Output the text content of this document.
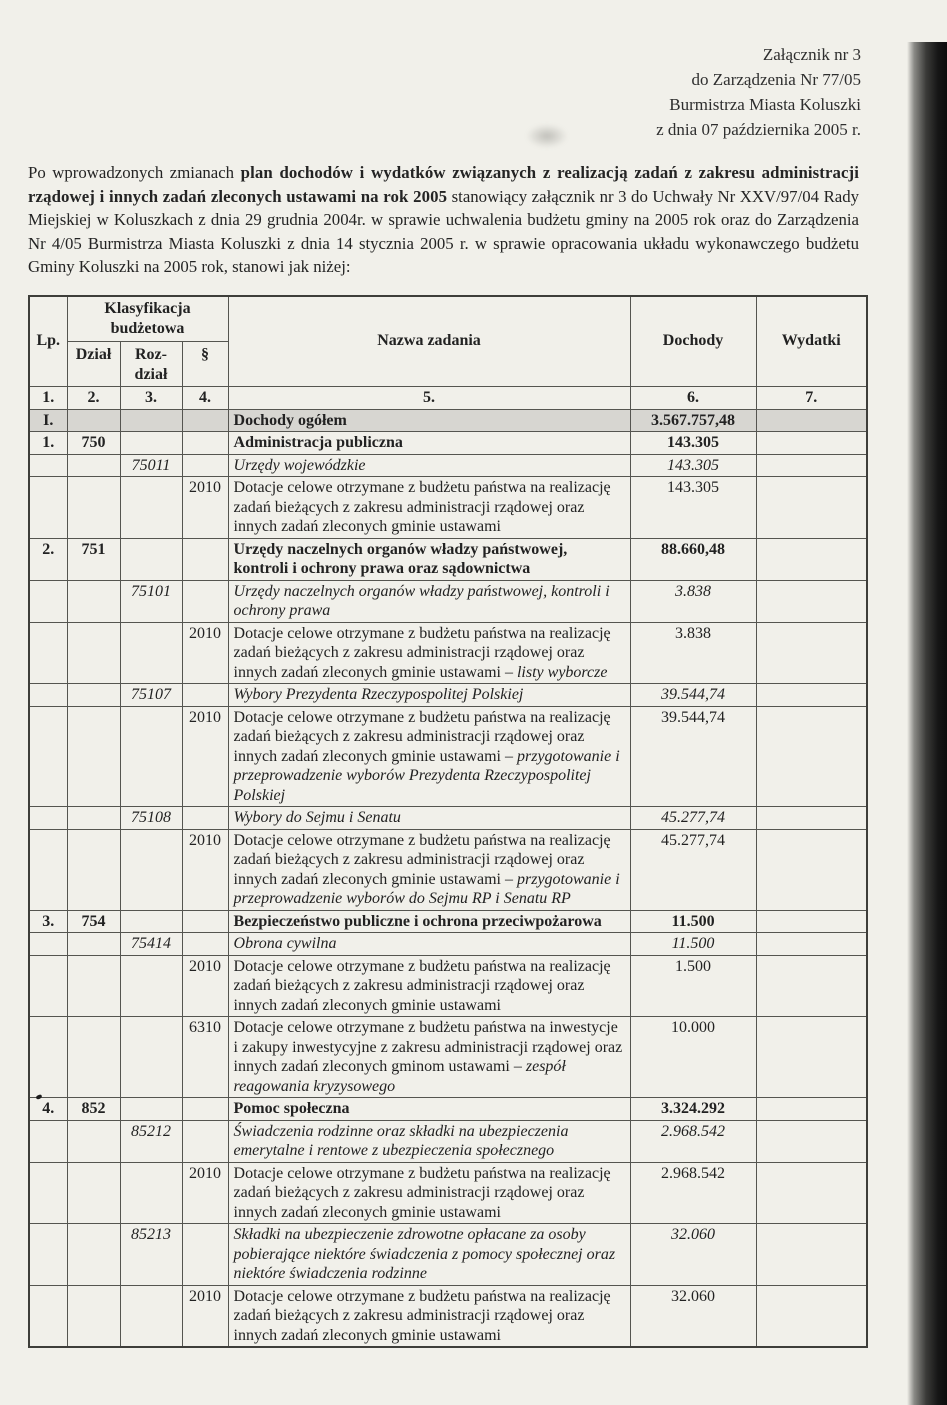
Załącznik nr 3
do Zarządzenia Nr 77/05
Burmistrza Miasta Koluszki
z dnia 07 października 2005 r.

Po wprowadzonych zmianach plan dochodów i wydatków związanych z realizacją zadań z zakresu administracji rządowej i innych zadań zleconych ustawami na rok 2005 stanowiący załącznik nr 3 do Uchwały Nr XXV/97/04 Rady Miejskiej w Koluszkach z dnia 29 grudnia 2004r. w sprawie uchwalenia budżetu gminy na 2005 rok oraz do Zarządzenia Nr 4/05 Burmistrza Miasta Koluszki z dnia 14 stycznia 2005 r. w sprawie opracowania układu wykonawczego budżetu Gminy Koluszki na 2005 rok, stanowi jak niżej:

Lp.	Klasyfikacja budżetowa			Nazwa zadania	Dochody	Wydatki
	Dział	Roz-dział	§			
1.	2.	3.	4.	5.	6.	7.
I.				Dochody ogółem	3.567.757,48	
1.	750			Administracja publiczna	143.305	
		75011		Urzędy wojewódzkie	143.305	
			2010	Dotacje celowe otrzymane z budżetu państwa na realizację zadań bieżących z zakresu administracji rządowej oraz innych zadań zleconych gminie ustawami	143.305	
2.	751			Urzędy naczelnych organów władzy państwowej, kontroli i ochrony prawa oraz sądownictwa	88.660,48	
		75101		Urzędy naczelnych organów władzy państwowej, kontroli i ochrony prawa	3.838	
			2010	Dotacje celowe otrzymane z budżetu państwa na realizację zadań bieżących z zakresu administracji rządowej oraz innych zadań zleconych gminie ustawami – listy wyborcze	3.838	
		75107		Wybory Prezydenta Rzeczypospolitej Polskiej	39.544,74	
			2010	Dotacje celowe otrzymane z budżetu państwa na realizację zadań bieżących z zakresu administracji rządowej oraz innych zadań zleconych gminie ustawami – przygotowanie i przeprowadzenie wyborów Prezydenta Rzeczypospolitej Polskiej	39.544,74	
		75108		Wybory do Sejmu i Senatu	45.277,74	
			2010	Dotacje celowe otrzymane z budżetu państwa na realizację zadań bieżących z zakresu administracji rządowej oraz innych zadań zleconych gminie ustawami – przygotowanie i przeprowadzenie wyborów do Sejmu RP i Senatu RP	45.277,74	
3.	754			Bezpieczeństwo publiczne i ochrona przeciwpożarowa	11.500	
		75414		Obrona cywilna	11.500	
			2010	Dotacje celowe otrzymane z budżetu państwa na realizację zadań bieżących z zakresu administracji rządowej oraz innych zadań zleconych gminie ustawami	1.500	
			6310	Dotacje celowe otrzymane z budżetu państwa na inwestycje i zakupy inwestycyjne z zakresu administracji rządowej oraz innych zadań zleconych gminom ustawami – zespół reagowania kryzysowego	10.000	
4.	852			Pomoc społeczna	3.324.292	
		85212		Świadczenia rodzinne oraz składki na ubezpieczenia emerytalne i rentowe z ubezpieczenia społecznego	2.968.542	
			2010	Dotacje celowe otrzymane z budżetu państwa na realizację zadań bieżących z zakresu administracji rządowej oraz innych zadań zleconych gminie ustawami	2.968.542	
		85213		Składki na ubezpieczenie zdrowotne opłacane za osoby pobierające niektóre świadczenia z pomocy społecznej oraz niektóre świadczenia rodzinne	32.060	
			2010	Dotacje celowe otrzymane z budżetu państwa na realizację zadań bieżących z zakresu administracji rządowej oraz innych zadań zleconych gminie ustawami	32.060	
